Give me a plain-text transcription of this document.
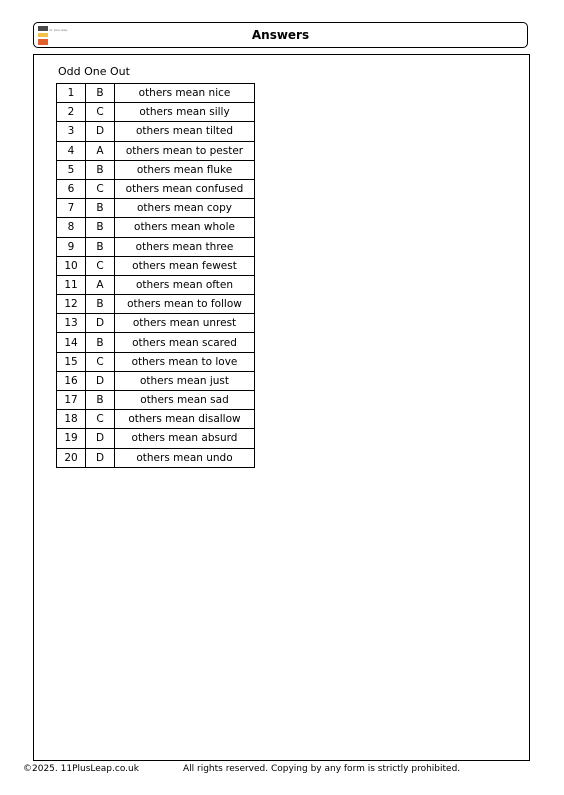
11 plus leap	Answers
Odd One Out
1	B	others mean nice
2	C	others mean silly
3	D	others mean tilted
4	A	others mean to pester
5	B	others mean fluke
6	C	others mean confused
7	B	others mean copy
8	B	others mean whole
9	B	others mean three
10	C	others mean fewest
11	A	others mean often
12	B	others mean to follow
13	D	others mean unrest
14	B	others mean scared
15	C	others mean to love
16	D	others mean just
17	B	others mean sad
18	C	others mean disallow
19	D	others mean absurd
20	D	others mean undo
©2025. 11PlusLeap.co.uk	All rights reserved. Copying by any form is strictly prohibited.
